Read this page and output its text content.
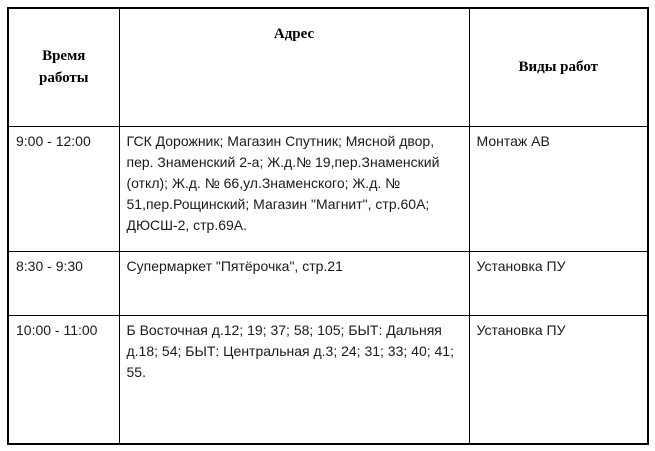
Время работы	Адрес	Виды работ
9:00 - 12:00	ГСК Дорожник; Магазин Спутник; Мясной двор, пер. Знаменский 2-а; Ж.д.№ 19,пер.Знаменский (откл); Ж.д. № 66,ул.Знаменского; Ж.д. № 51,пер.Рощинский; Магазин "Магнит", стр.60А; ДЮСШ-2, стр.69А.	Монтаж АВ
8:30 - 9:30	Супермаркет "Пятёрочка", стр.21	Установка ПУ
10:00 - 11:00	Б Восточная д.12; 19; 37; 58; 105; БЫТ: Дальняя д.18; 54; БЫТ: Центральная д.3; 24; 31; 33; 40; 41; 55.	Установка ПУ
